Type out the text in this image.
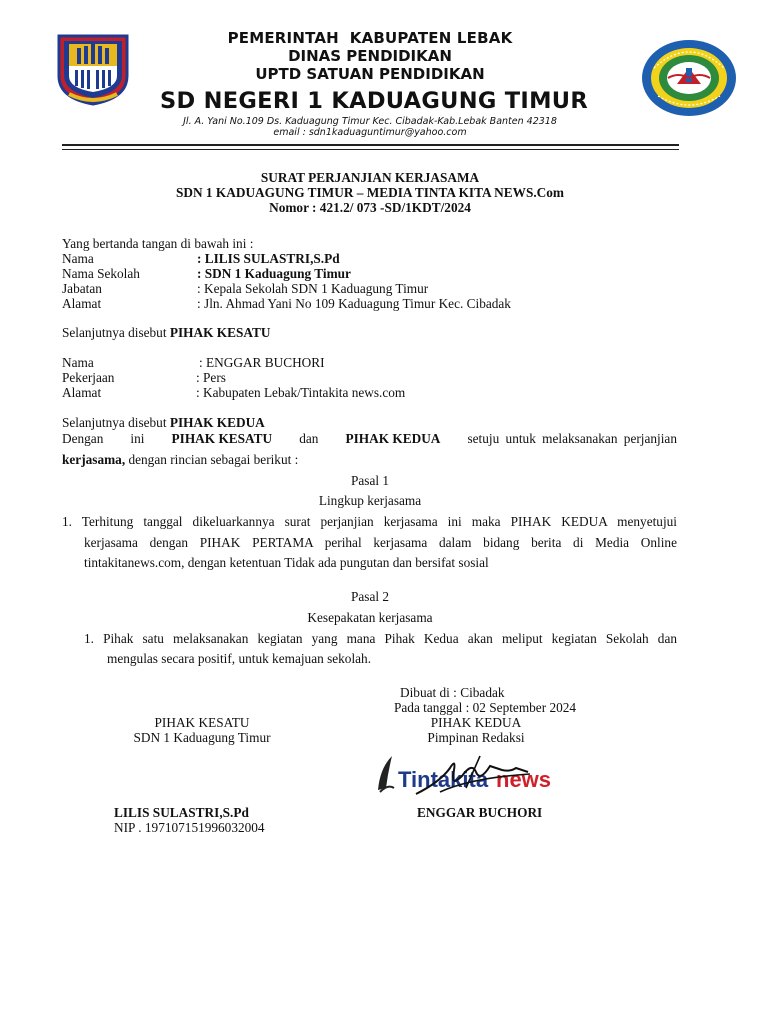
PEMERINTAH  KABUPATEN LEBAK
DINAS PENDIDIKAN
UPTD SATUAN PENDIDIKAN
SD NEGERI 1 KADUAGUNG TIMUR
Jl. A. Yani No.109 Ds. Kaduagung Timur Kec. Cibadak-Kab.Lebak Banten 42318
email : sdn1kaduaguntimur@yahoo.com
SURAT PERJANJIAN KERJASAMA
SDN 1 KADUAGUNG TIMUR – MEDIA TINTA KITA NEWS.Com
Nomor : 421.2/ 073 -SD/1KDT/2024
Yang bertanda tangan di bawah ini :
Nama	: LILIS SULASTRI,S.Pd
Nama Sekolah	: SDN 1 Kaduagung Timur
Jabatan	: Kepala Sekolah SDN 1 Kaduagung Timur
Alamat	: Jln. Ahmad Yani No 109 Kaduagung Timur Kec. Cibadak
Selanjutnya disebut PIHAK KESATU
Nama	: ENGGAR BUCHORI
Pekerjaan	: Pers
Alamat	: Kabupaten Lebak/Tintakita news.com
Selanjutnya disebut PIHAK KEDUA
Dengan ini PIHAK KESATU dan PIHAK KEDUA setuju untuk melaksanakan perjanjian
kerjasama, dengan rincian sebagai berikut :
Pasal 1
Lingkup kerjasama
1. Terhitung tanggal dikeluarkannya surat perjanjian kerjasama ini maka PIHAK KEDUA menyetujui
kerjasama dengan PIHAK PERTAMA perihal kerjasama dalam bidang berita di Media Online
tintakitanews.com, dengan ketentuan Tidak ada pungutan dan bersifat sosial
Pasal 2
Kesepakatan kerjasama
1. Pihak satu melaksanakan kegiatan yang mana Pihak Kedua akan meliput kegiatan Sekolah dan
mengulas secara positif, untuk kemajuan sekolah.
Dibuat di : Cibadak
Pada tanggal : 02 September 2024
PIHAK KESATU
SDN 1 Kaduagung Timur
PIHAK KEDUA
Pimpinan Redaksi
Tintakita news
LILIS SULASTRI,S.Pd
NIP . 197107151996032004
ENGGAR BUCHORI
